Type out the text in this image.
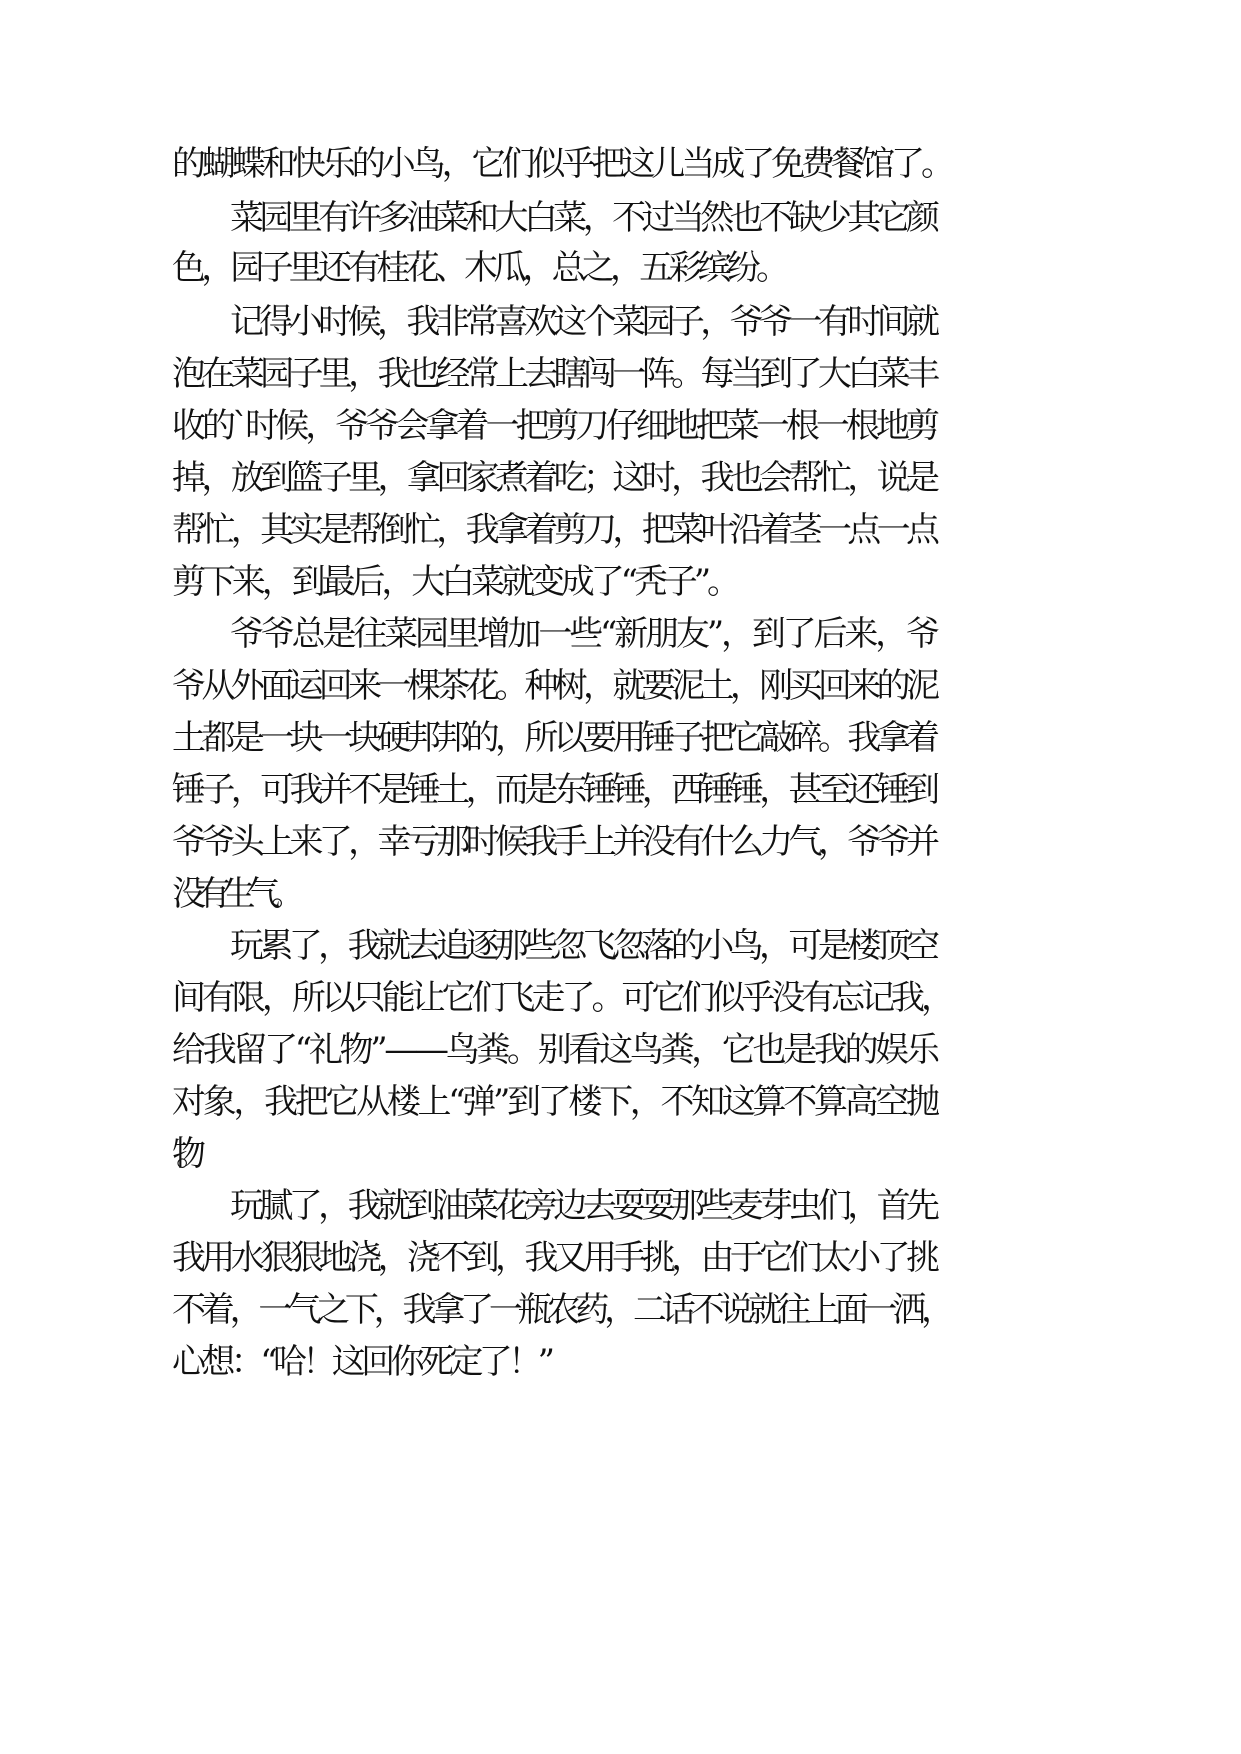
的蝴蝶和快乐的小鸟，它们似乎把这儿当成了免费餐馆了。
菜园里有许多油菜和大白菜，不过当然也不缺少其它颜
色，园子里还有桂花、木瓜，总之，五彩缤纷。
记得小时候，我非常喜欢这个菜园子，爷爷一有时间就
泡在菜园子里，我也经常上去瞎闯一阵。每当到了大白菜丰
收的`时候，爷爷会拿着一把剪刀仔细地把菜一根一根地剪
掉，放到篮子里，拿回家煮着吃；这时，我也会帮忙，说是
帮忙，其实是帮倒忙，我拿着剪刀，把菜叶沿着茎一点一点
剪下来，到最后，大白菜就变成了“秃子”。
爷爷总是往菜园里增加一些“新朋友”，到了后来，爷
爷从外面运回来一棵茶花。种树，就要泥土，刚买回来的泥
土都是一块一块硬邦邦的，所以要用锤子把它敲碎。我拿着
锤子，可我并不是锤土，而是东锤锤，西锤锤，甚至还锤到
爷爷头上来了，幸亏那时候我手上并没有什么力气，爷爷并
没有生气。
玩累了，我就去追逐那些忽飞忽落的小鸟，可是楼顶空
间有限，所以只能让它们飞走了。可它们似乎没有忘记我，
给我留了“礼物”——鸟粪。别看这鸟粪，它也是我的娱乐
对象，我把它从楼上“弹”到了楼下，不知这算不算高空抛
物。
玩腻了，我就到油菜花旁边去耍耍那些麦芽虫们，首先
我用水狠狠地浇，浇不到，我又用手挑，由于它们太小了挑
不着，一气之下，我拿了一瓶农药，二话不说就往上面一洒，
心想：“哈！这回你死定了！”
